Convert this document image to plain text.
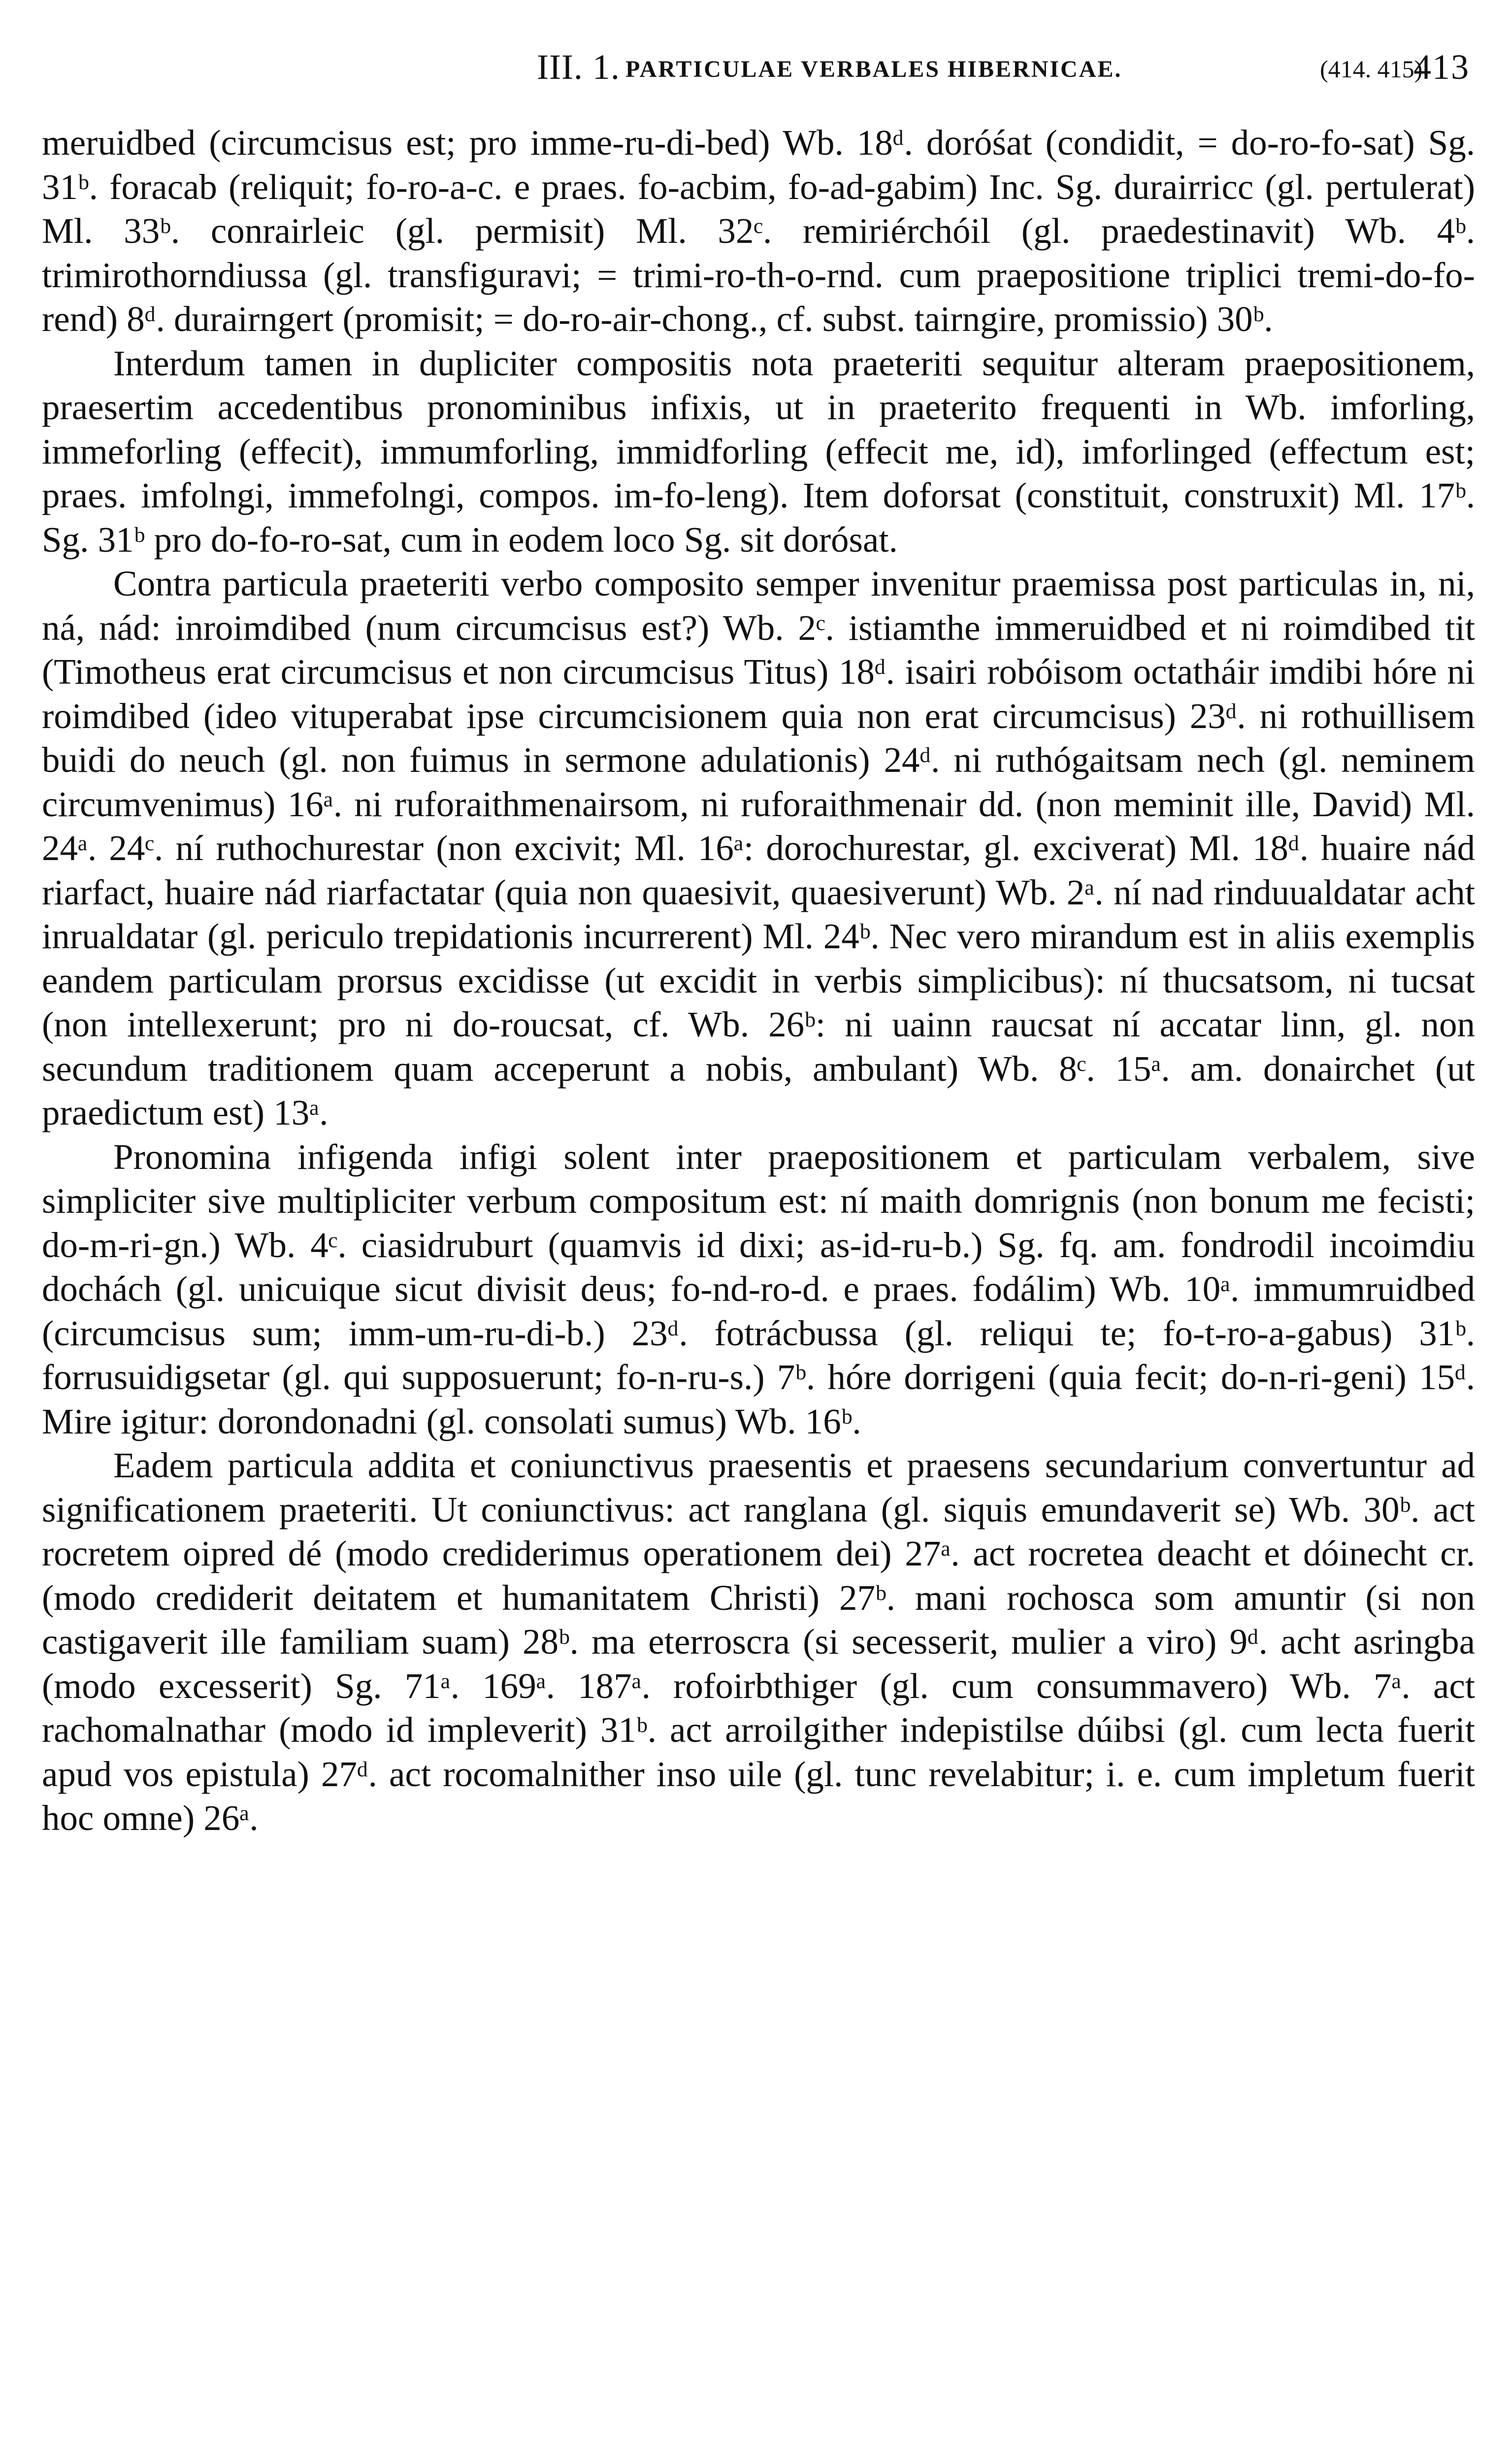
III. 1. PARTICULAE VERBALES HIBERNICAE.	(414. 415)
413

meruidbed (circumcisus est; pro imme-ru-di-bed) Wb. 18ᵈ. doróśat (condidit, = do-ro-fo-sat) Sg. 31ᵇ. foracab (reliquit; fo-ro-a-c. e praes. fo-acbim, fo-ad-gabim) Inc. Sg. durairricc (gl. pertulerat) Ml. 33ᵇ. conrairleic (gl. permisit) Ml. 32ᶜ. remiriérchóil (gl. praedestinavit) Wb. 4ᵇ. trimirothorndiussa (gl. transfiguravi; = trimi-ro-th-o-rnd. cum praepositione triplici tremi-do-fo-rend) 8ᵈ. durairngert (promisit; = do-ro-air-chong., cf. subst. tairngire, promissio) 30ᵇ.

Interdum tamen in dupliciter compositis nota praeteriti sequitur alteram praepositionem, praesertim accedentibus pronominibus infixis, ut in praeterito frequenti in Wb. imforling, immeforling (effecit), immumforling, immidforling (effecit me, id), imforlinged (effectum est; praes. imfolngi, immefolngi, compos. im-fo-leng). Item doforsat (constituit, construxit) Ml. 17ᵇ. Sg. 31ᵇ pro do-fo-ro-sat, cum in eodem loco Sg. sit dorósat.

Contra particula praeteriti verbo composito semper invenitur praemissa post particulas in, ni, ná, nád: inroimdibed (num circumcisus est?) Wb. 2ᶜ. istiamthe immeruidbed et ni roimdibed tit (Timotheus erat circumcisus et non circumcisus Titus) 18ᵈ. isairi robóisom octatháir imdibi hóre ni roimdibed (ideo vituperabat ipse circumcisionem quia non erat circumcisus) 23ᵈ. ni rothuillisem buidi do neuch (gl. non fuimus in sermone adulationis) 24ᵈ. ni ruthógaitsam nech (gl. neminem circumvenimus) 16ᵃ. ni ruforaithmenairsom, ni ruforaithmenair dd. (non meminit ille, David) Ml. 24ᵃ. 24ᶜ. ní ruthochurestar (non excivit; Ml. 16ᵃ: dorochurestar, gl. exciverat) Ml. 18ᵈ. huaire nád riarfact, huaire nád riarfactatar (quia non quaesivit, quaesiverunt) Wb. 2ᵃ. ní nad rinduualdatar acht inrualdatar (gl. periculo trepidationis incurrerent) Ml. 24ᵇ. Nec vero mirandum est in aliis exemplis eandem particulam prorsus excidisse (ut excidit in verbis simplicibus): ní thucsatsom, ni tucsat (non intellexerunt; pro ni do-roucsat, cf. Wb. 26ᵇ: ni uainn raucsat ní accatar linn, gl. non secundum traditionem quam acceperunt a nobis, ambulant) Wb. 8ᶜ. 15ᵃ. am. donairchet (ut praedictum est) 13ᵃ.

Pronomina infigenda infigi solent inter praepositionem et particulam verbalem, sive simpliciter sive multipliciter verbum compositum est: ní maith domrignis (non bonum me fecisti; do-m-ri-gn.) Wb. 4ᶜ. ciasidruburt (quamvis id dixi; as-id-ru-b.) Sg. fq. am. fondrodil incoimdiu dochách (gl. unicuique sicut divisit deus; fo-nd-ro-d. e praes. fodálim) Wb. 10ᵃ. immumruidbed (circumcisus sum; imm-um-ru-di-b.) 23ᵈ. fotrácbussa (gl. reliqui te; fo-t-ro-a-gabus) 31ᵇ. forrusuidigsetar (gl. qui supposuerunt; fo-n-ru-s.) 7ᵇ. hóre dorrigeni (quia fecit; do-n-ri-geni) 15ᵈ. Mire igitur: dorondonadni (gl. consolati sumus) Wb. 16ᵇ.

Eadem particula addita et coniunctivus praesentis et praesens secundarium convertuntur ad significationem praeteriti. Ut coniunctivus: act ranglana (gl. siquis emundaverit se) Wb. 30ᵇ. act rocretem oipred dé (modo crediderimus operationem dei) 27ᵃ. act rocretea deacht et dóinecht cr. (modo crediderit deitatem et humanitatem Christi) 27ᵇ. mani rochosca som amuntir (si non castigaverit ille familiam suam) 28ᵇ. ma eterroscra (si secesserit, mulier a viro) 9ᵈ. acht asringba (modo excesserit) Sg. 71ᵃ. 169ᵃ. 187ᵃ. rofoirbthiger (gl. cum consummavero) Wb. 7ᵃ. act rachomalnathar (modo id impleverit) 31ᵇ. act arroilgither indepistilse dúibsi (gl. cum lecta fuerit apud vos epistula) 27ᵈ. act rocomalnither inso uile (gl. tunc revelabitur; i. e. cum impletum fuerit hoc omne) 26ᵃ.
